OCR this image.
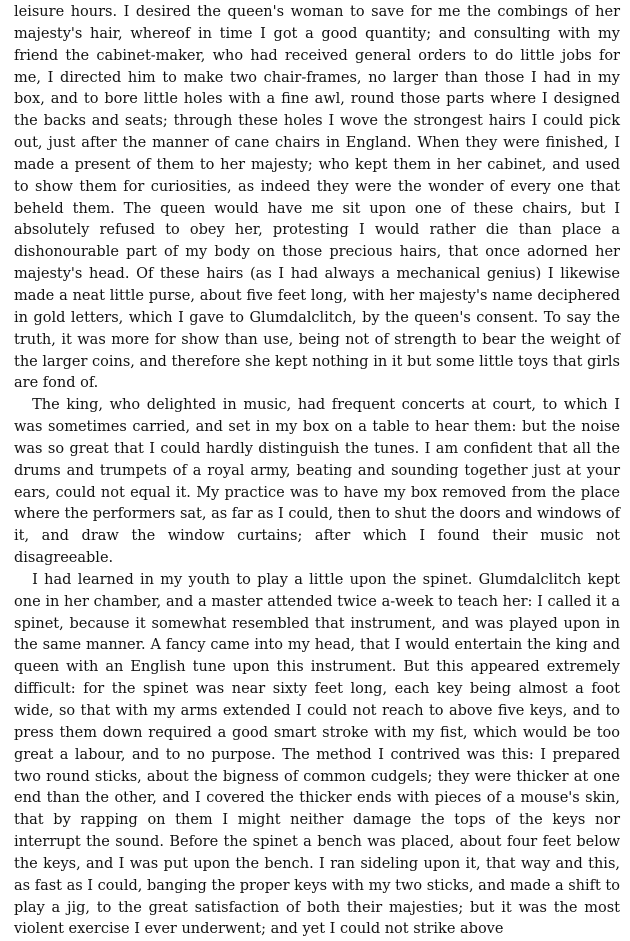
leisure hours. I desired the queen's woman to save for me the combings of her majesty's hair, whereof in time I got a good quantity; and consulting with my friend the cabinet-maker, who had received general orders to do little jobs for me, I directed him to make two chair-frames, no larger than those I had in my box, and to bore little holes with a fine awl, round those parts where I designed the backs and seats; through these holes I wove the strongest hairs I could pick out, just after the manner of cane chairs in England. When they were finished, I made a present of them to her majesty; who kept them in her cabinet, and used to show them for curiosities, as indeed they were the wonder of every one that beheld them. The queen would have me sit upon one of these chairs, but I absolutely refused to obey her, protesting I would rather die than place a dishonourable part of my body on those precious hairs, that once adorned her majesty's head. Of these hairs (as I had always a mechanical genius) I likewise made a neat little purse, about five feet long, with her majesty's name deciphered in gold letters, which I gave to Glumdalclitch, by the queen's consent. To say the truth, it was more for show than use, being not of strength to bear the weight of the larger coins, and therefore she kept nothing in it but some little toys that girls are fond of.

The king, who delighted in music, had frequent concerts at court, to which I was sometimes carried, and set in my box on a table to hear them: but the noise was so great that I could hardly distinguish the tunes. I am confident that all the drums and trumpets of a royal army, beating and sounding together just at your ears, could not equal it. My practice was to have my box removed from the place where the performers sat, as far as I could, then to shut the doors and windows of it, and draw the window curtains; after which I found their music not disagreeable.

I had learned in my youth to play a little upon the spinet. Glumdalclitch kept one in her chamber, and a master attended twice a-week to teach her: I called it a spinet, because it somewhat resembled that instrument, and was played upon in the same manner. A fancy came into my head, that I would entertain the king and queen with an English tune upon this instrument. But this appeared extremely difficult: for the spinet was near sixty feet long, each key being almost a foot wide, so that with my arms extended I could not reach to above five keys, and to press them down required a good smart stroke with my fist, which would be too great a labour, and to no purpose. The method I contrived was this: I prepared two round sticks, about the bigness of common cudgels; they were thicker at one end than the other, and I covered the thicker ends with pieces of a mouse's skin, that by rapping on them I might neither damage the tops of the keys nor interrupt the sound. Before the spinet a bench was placed, about four feet below the keys, and I was put upon the bench. I ran sideling upon it, that way and this, as fast as I could, banging the proper keys with my two sticks, and made a shift to play a jig, to the great satisfaction of both their majesties; but it was the most violent exercise I ever underwent; and yet I could not strike above
